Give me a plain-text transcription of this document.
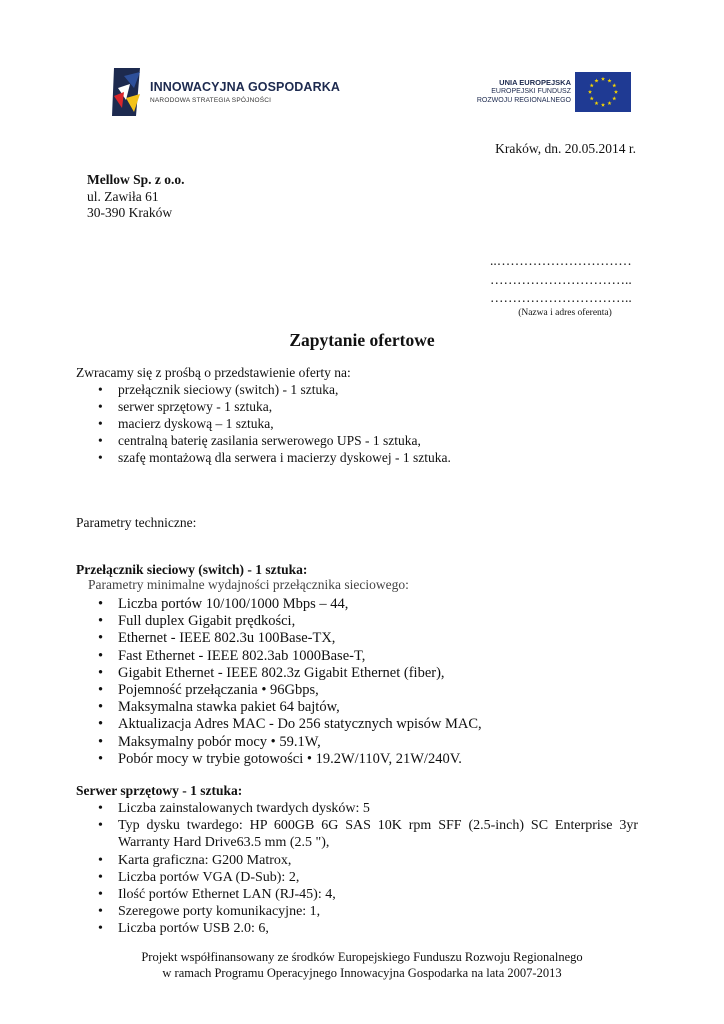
INNOWACYJNA GOSPODARKA
NARODOWA STRATEGIA SPÓJNOŚCI
UNIA EUROPEJSKA
EUROPEJSKI FUNDUSZ
ROZWOJU REGIONALNEGO
Kraków, dn. 20.05.2014 r.
Mellow Sp. z o.o.
ul. Zawiła 61
30-390 Kraków
..…………………………
…………………………..
…………………………..
(Nazwa i adres oferenta)
Zapytanie ofertowe
Zwracamy się z prośbą o przedstawienie oferty na:
• przełącznik sieciowy (switch) - 1 sztuka,
• serwer sprzętowy - 1 sztuka,
• macierz dyskową – 1 sztuka,
• centralną baterię zasilania serwerowego UPS - 1 sztuka,
• szafę montażową dla serwera i macierzy dyskowej - 1 sztuka.
Parametry techniczne:
Przełącznik sieciowy (switch) - 1 sztuka:
Parametry minimalne wydajności przełącznika sieciowego:
• Liczba portów 10/100/1000 Mbps – 44,
• Full duplex Gigabit prędkości,
• Ethernet - IEEE 802.3u 100Base-TX,
• Fast Ethernet - IEEE 802.3ab 1000Base-T,
• Gigabit Ethernet - IEEE 802.3z Gigabit Ethernet (fiber),
• Pojemność przełączania • 96Gbps,
• Maksymalna stawka pakiet 64 bajtów,
• Aktualizacja Adres MAC - Do 256 statycznych wpisów MAC,
• Maksymalny pobór mocy • 59.1W,
• Pobór mocy w trybie gotowości • 19.2W/110V, 21W/240V.
Serwer sprzętowy - 1 sztuka:
• Liczba zainstalowanych twardych dysków: 5
• Typ dysku twardego: HP 600GB 6G SAS 10K rpm SFF (2.5-inch) SC Enterprise 3yr Warranty Hard Drive63.5 mm (2.5 "),
• Karta graficzna: G200 Matrox,
• Liczba portów VGA (D-Sub): 2,
• Ilość portów Ethernet LAN (RJ-45): 4,
• Szeregowe porty komunikacyjne: 1,
• Liczba portów USB 2.0: 6,
Projekt współfinansowany ze środków Europejskiego Funduszu Rozwoju Regionalnego
w ramach Programu Operacyjnego Innowacyjna Gospodarka na lata 2007-2013
